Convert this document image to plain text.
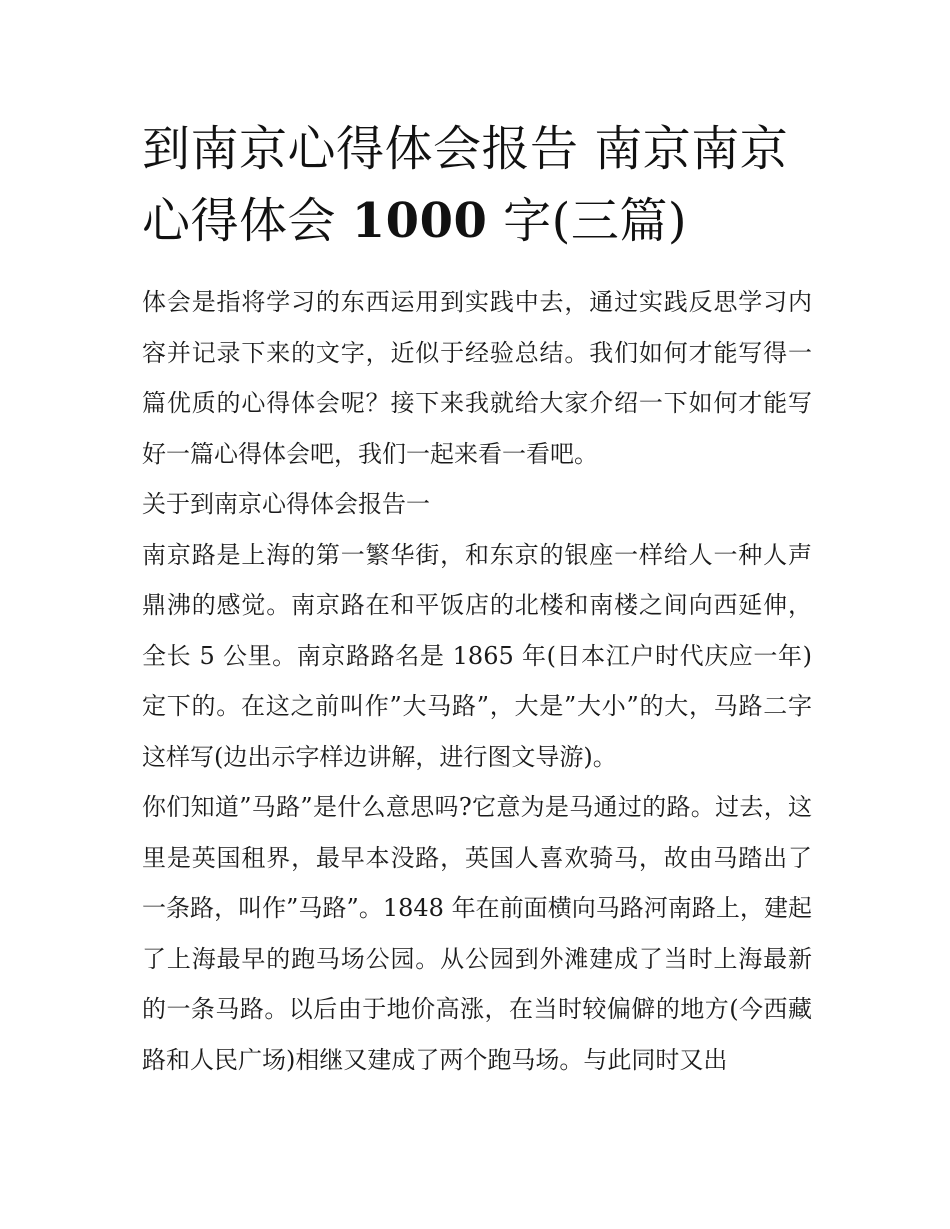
到南京心得体会报告 南京南京心得体会 1000 字(三篇)

体会是指将学习的东西运用到实践中去，通过实践反思学习内容并记录下来的文字，近似于经验总结。我们如何才能写得一篇优质的心得体会呢？接下来我就给大家介绍一下如何才能写好一篇心得体会吧，我们一起来看一看吧。

关于到南京心得体会报告一

南京路是上海的第一繁华街，和东京的银座一样给人一种人声鼎沸的感觉。南京路在和平饭店的北楼和南楼之间向西延伸，全长 5 公里。南京路路名是 1865 年(日本江户时代庆应一年)定下的。在这之前叫作”大马路”，大是”大小”的大，马路二字这样写(边出示字样边讲解，进行图文导游)。

你们知道”马路”是什么意思吗?它意为是马通过的路。过去，这里是英国租界，最早本没路，英国人喜欢骑马，故由马踏出了一条路，叫作”马路”。1848 年在前面横向马路河南路上，建起了上海最早的跑马场公园。从公园到外滩建成了当时上海最新的一条马路。以后由于地价高涨，在当时较偏僻的地方(今西藏路和人民广场)相继又建成了两个跑马场。与此同时又出
